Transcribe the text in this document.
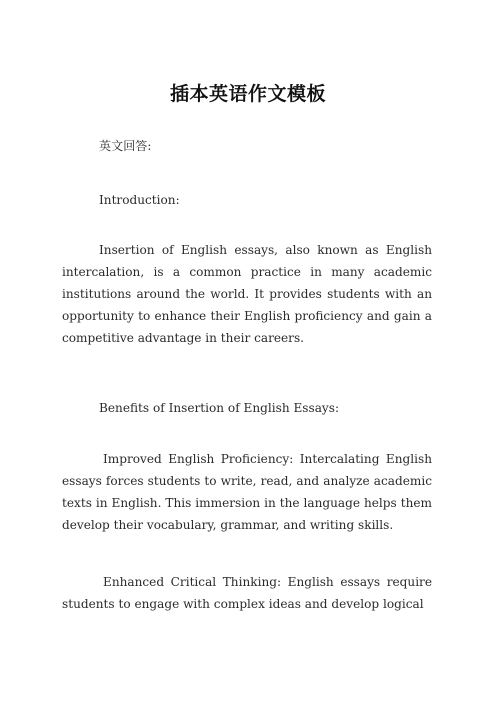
插本英语作文模板

英文回答:

Introduction:

Insertion of English essays, also known as English intercalation, is a common practice in many academic institutions around the world. It provides students with an opportunity to enhance their English proficiency and gain a competitive advantage in their careers.

Benefits of Insertion of English Essays:

Improved English Proficiency: Intercalating English essays forces students to write, read, and analyze academic texts in English. This immersion in the language helps them develop their vocabulary, grammar, and writing skills.

Enhanced Critical Thinking: English essays require students to engage with complex ideas and develop logical
